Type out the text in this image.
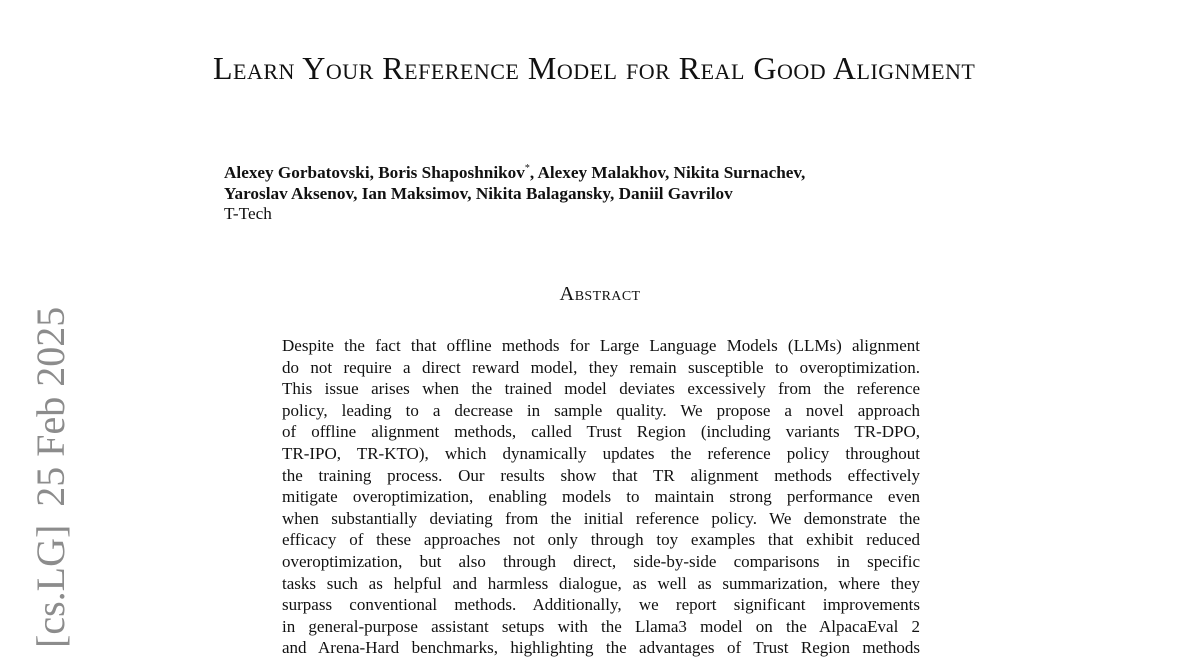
[cs.LG]25 Feb 2025
Learn Your Reference Model for Real Good Alignment
Alexey Gorbatovski, Boris Shaposhnikov*, Alexey Malakhov, Nikita Surnachev,
Yaroslav Aksenov, Ian Maksimov, Nikita Balagansky, Daniil Gavrilov
T-Tech
Abstract

Despite the fact that offline methods for Large Language Models (LLMs) alignment
do not require a direct reward model, they remain susceptible to overoptimization.
This issue arises when the trained model deviates excessively from the reference
policy, leading to a decrease in sample quality. We propose a novel approach
of offline alignment methods, called Trust Region (including variants TR-DPO,
TR-IPO, TR-KTO), which dynamically updates the reference policy throughout
the training process. Our results show that TR alignment methods effectively
mitigate overoptimization, enabling models to maintain strong performance even
when substantially deviating from the initial reference policy. We demonstrate the
efficacy of these approaches not only through toy examples that exhibit reduced
overoptimization, but also through direct, side-by-side comparisons in specific
tasks such as helpful and harmless dialogue, as well as summarization, where they
surpass conventional methods. Additionally, we report significant improvements
in general-purpose assistant setups with the Llama3 model on the AlpacaEval 2
and Arena-Hard benchmarks, highlighting the advantages of Trust Region methods
